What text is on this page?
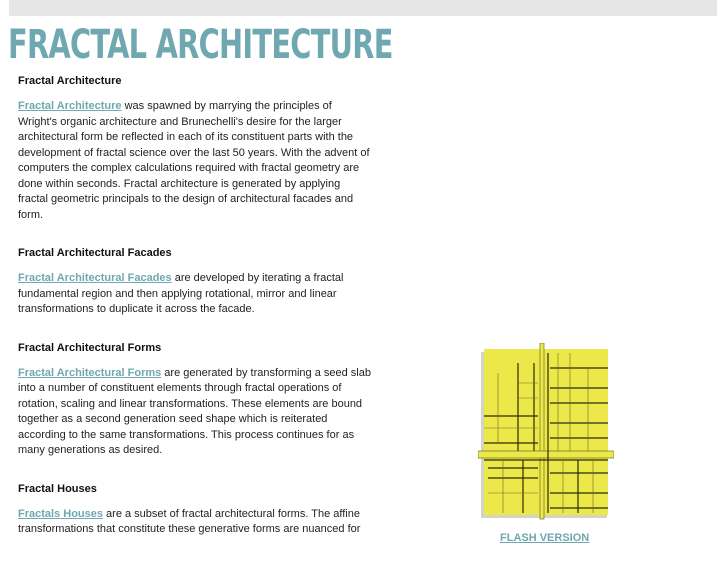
FRACTAL ARCHITECTURE
Fractal Architecture

Fractal Architecture was spawned by marrying the principles of Wright's organic architecture and Brunechelli's desire for the larger architectural form be reflected in each of its constituent parts with the development of fractal science over the last 50 years. With the advent of computers the complex calculations required with fractal geometry are done within seconds. Fractal architecture is generated by applying fractal geometric principals to the design of architectural facades and form.

Fractal Architectural Facades

Fractal Architectural Facades are developed by iterating a fractal fundamental region and then applying rotational, mirror and linear transformations to duplicate it across the facade.

Fractal Architectural Forms

Fractal Architectural Forms are generated by transforming a seed slab into a number of constituent elements through fractal operations of rotation, scaling and linear transformations. These elements are bound together as a second generation seed shape which is reiterated according to the same transformations. This process continues for as many generations as desired.

Fractal Houses

Fractals Houses are a subset of fractal architectural forms. The affine transformations that constitute these generative forms are nuanced for

FLASH VERSION
